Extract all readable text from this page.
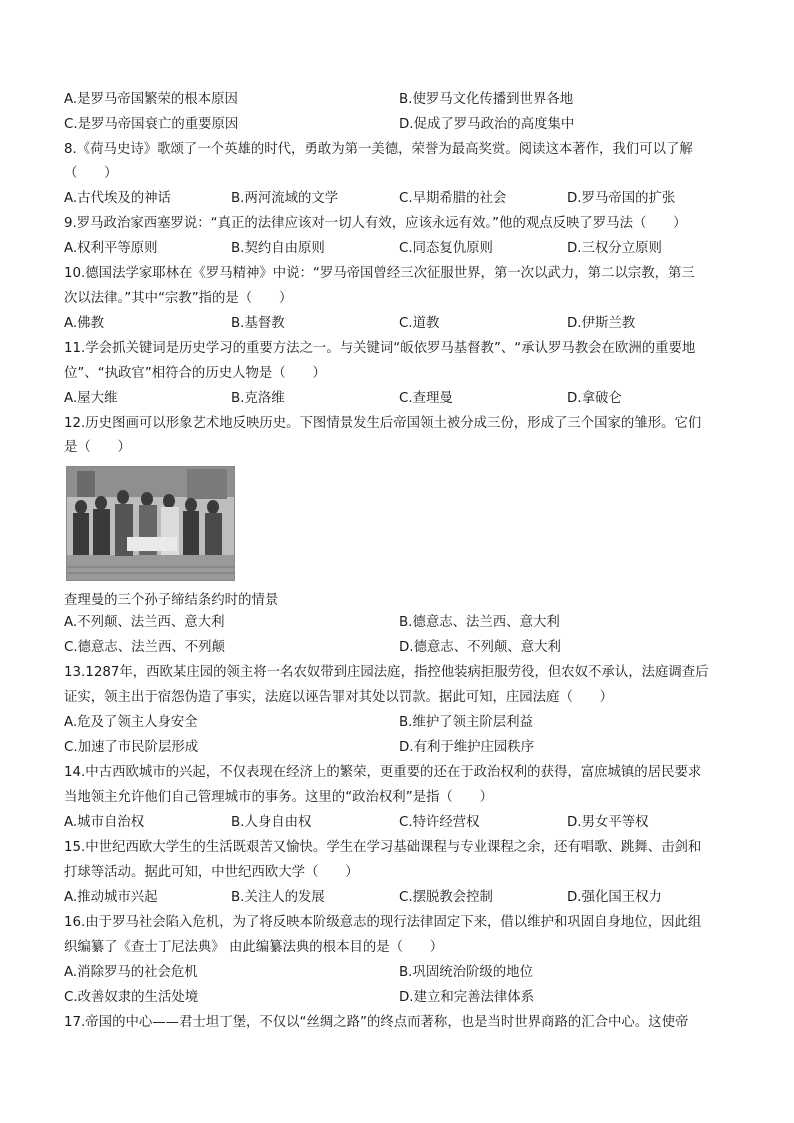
A.是罗马帝国繁荣的根本原因	B.使罗马文化传播到世界各地
C.是罗马帝国衰亡的重要原因	D.促成了罗马政治的高度集中
8.《荷马史诗》歌颂了一个英雄的时代，勇敢为第一美德，荣誉为最高奖赏。阅读这本著作，我们可以了解
（　　）
A.古代埃及的神话	B.两河流域的文学	C.早期希腊的社会	D.罗马帝国的扩张
9.罗马政治家西塞罗说：“真正的法律应该对一切人有效，应该永远有效。”他的观点反映了罗马法（　　）
A.权利平等原则	B.契约自由原则	C.同态复仇原则	D.三权分立原则
10.德国法学家耶林在《罗马精神》中说：“罗马帝国曾经三次征服世界，第一次以武力，第二以宗教，第三
次以法律。”其中“宗教”指的是（　　）
A.佛教	B.基督教	C.道教	D.伊斯兰教
11.学会抓关键词是历史学习的重要方法之一。与关键词“皈依罗马基督教”、“承认罗马教会在欧洲的重要地
位”、“执政官”相符合的历史人物是（　　）
A.屋大维	B.克洛维	C.查理曼	D.拿破仑
12.历史图画可以形象艺术地反映历史。下图情景发生后帝国领土被分成三份，形成了三个国家的雏形。它们
是（　　）
查理曼的三个孙子缔结条约时的情景
A.不列颠、法兰西、意大利	B.德意志、法兰西、意大利
C.德意志、法兰西、不列颠	D.德意志、不列颠、意大利
13.1287年，西欧某庄园的领主将一名农奴带到庄园法庭，指控他装病拒服劳役，但农奴不承认，法庭调查后
证实，领主出于宿怨伪造了事实，法庭以诬告罪对其处以罚款。据此可知，庄园法庭（　　）
A.危及了领主人身安全	B.维护了领主阶层利益
C.加速了市民阶层形成	D.有利于维护庄园秩序
14.中古西欧城市的兴起，不仅表现在经济上的繁荣，更重要的还在于政治权利的获得，富庶城镇的居民要求
当地领主允许他们自己管理城市的事务。这里的“政治权利”是指（　　）
A.城市自治权	B.人身自由权	C.特许经营权	D.男女平等权
15.中世纪西欧大学生的生活既艰苦又愉快。学生在学习基础课程与专业课程之余，还有唱歌、跳舞、击剑和
打球等活动。据此可知，中世纪西欧大学（　　）
A.推动城市兴起	B.关注人的发展	C.摆脱教会控制	D.强化国王权力
16.由于罗马社会陷入危机，为了将反映本阶级意志的现行法律固定下来，借以维护和巩固自身地位，因此组
织编纂了《查士丁尼法典》 由此编纂法典的根本目的是（　　）
A.消除罗马的社会危机	B.巩固统治阶级的地位
C.改善奴隶的生活处境	D.建立和完善法律体系
17.帝国的中心——君士坦丁堡，不仅以“丝绸之路”的终点而著称，也是当时世界商路的汇合中心。这使帝
